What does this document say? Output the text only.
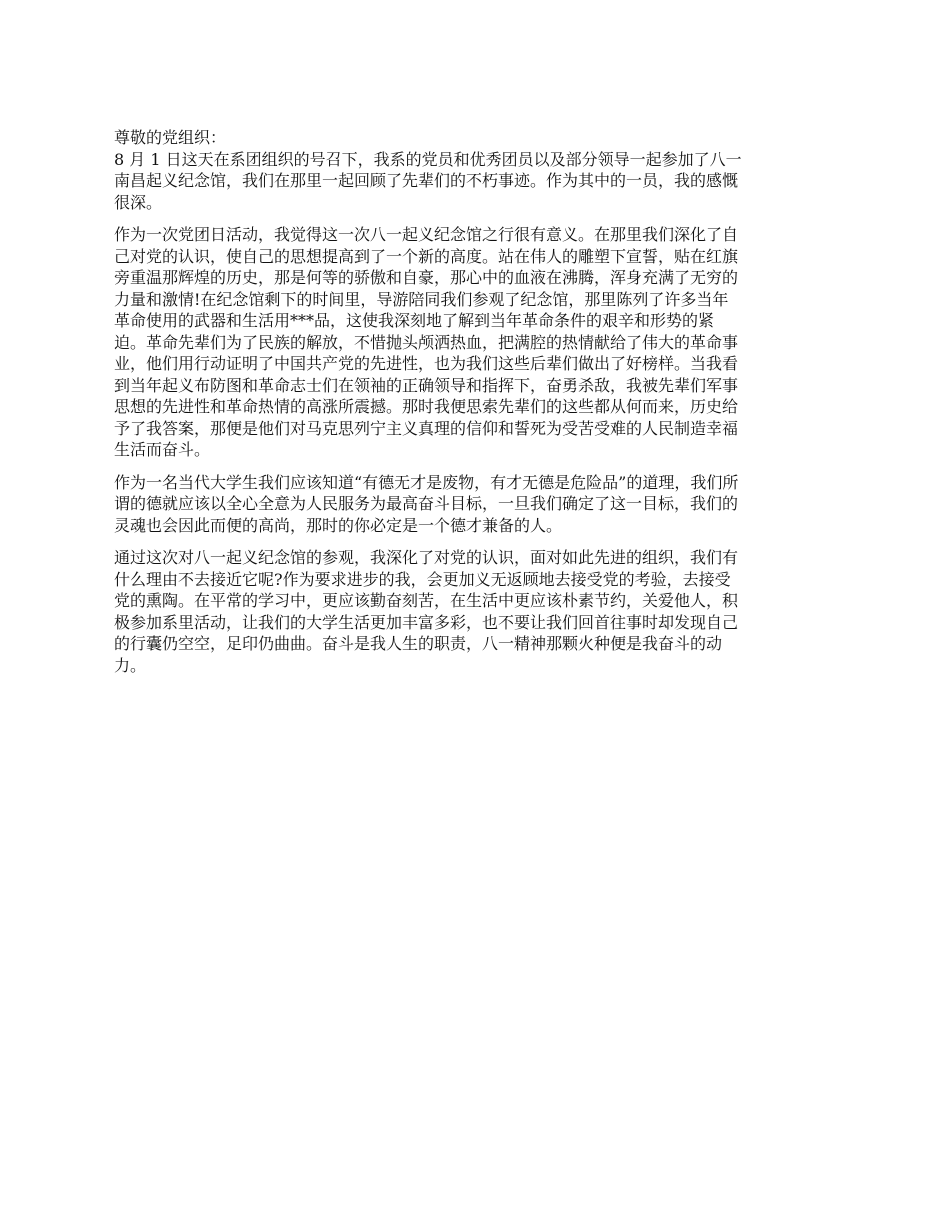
尊敬的党组织：
8 月 1 日这天在系团组织的号召下，我系的党员和优秀团员以及部分领导一起参加了八一
南昌起义纪念馆，我们在那里一起回顾了先辈们的不朽事迹。作为其中的一员，我的感慨
很深。
作为一次党团日活动，我觉得这一次八一起义纪念馆之行很有意义。在那里我们深化了自
己对党的认识，使自己的思想提高到了一个新的高度。站在伟人的雕塑下宣誓，贴在红旗
旁重温那辉煌的历史，那是何等的骄傲和自豪，那心中的血液在沸腾，浑身充满了无穷的
力量和激情!在纪念馆剩下的时间里，导游陪同我们参观了纪念馆，那里陈列了许多当年
革命使用的武器和生活用***品，这使我深刻地了解到当年革命条件的艰辛和形势的紧
迫。革命先辈们为了民族的解放，不惜抛头颅洒热血，把满腔的热情献给了伟大的革命事
业，他们用行动证明了中国共产党的先进性，也为我们这些后辈们做出了好榜样。当我看
到当年起义布防图和革命志士们在领袖的正确领导和指挥下，奋勇杀敌，我被先辈们军事
思想的先进性和革命热情的高涨所震撼。那时我便思索先辈们的这些都从何而来，历史给
予了我答案，那便是他们对马克思列宁主义真理的信仰和誓死为受苦受难的人民制造幸福
生活而奋斗。
作为一名当代大学生我们应该知道“有德无才是废物，有才无德是危险品”的道理，我们所
谓的德就应该以全心全意为人民服务为最高奋斗目标，一旦我们确定了这一目标，我们的
灵魂也会因此而便的高尚，那时的你必定是一个德才兼备的人。
通过这次对八一起义纪念馆的参观，我深化了对党的认识，面对如此先进的组织，我们有
什么理由不去接近它呢?作为要求进步的我，会更加义无返顾地去接受党的考验，去接受
党的熏陶。在平常的学习中，更应该勤奋刻苦，在生活中更应该朴素节约，关爱他人，积
极参加系里活动，让我们的大学生活更加丰富多彩，也不要让我们回首往事时却发现自己
的行囊仍空空，足印仍曲曲。奋斗是我人生的职责，八一精神那颗火种便是我奋斗的动
力。
